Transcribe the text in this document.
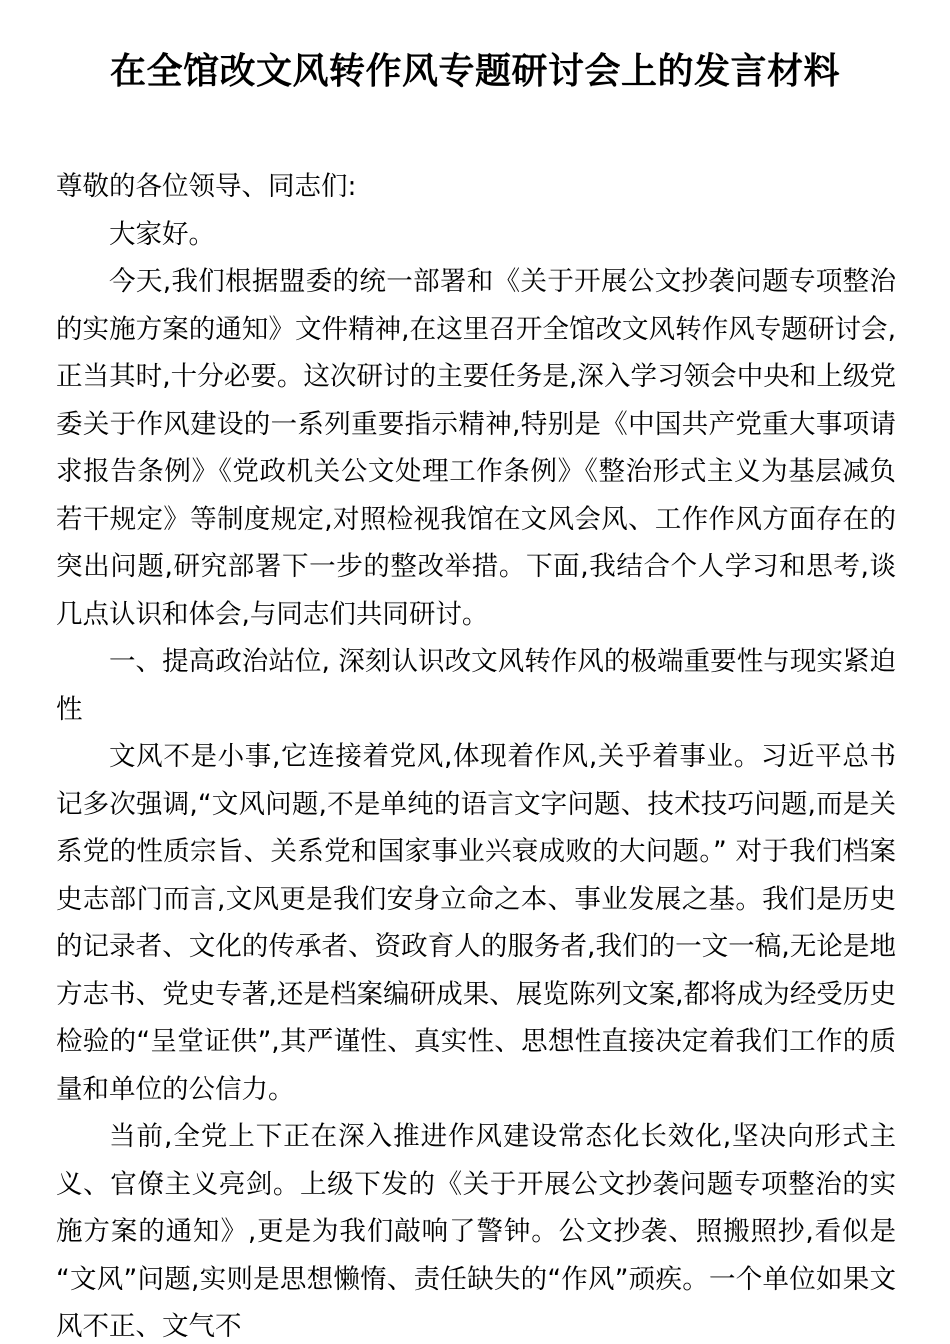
在全馆改文风转作风专题研讨会上的发言材料

尊敬的各位领导、同志们:

大家好。

今天,我们根据盟委的统一部署和《关于开展公文抄袭问题专项整治的实施方案的通知》文件精神,在这里召开全馆改文风转作风专题研讨会,正当其时,十分必要。这次研讨的主要任务是,深入学习领会中央和上级党委关于作风建设的一系列重要指示精神,特别是《中国共产党重大事项请求报告条例》《党政机关公文处理工作条例》《整治形式主义为基层减负若干规定》等制度规定,对照检视我馆在文风会风、工作作风方面存在的突出问题,研究部署下一步的整改举措。下面,我结合个人学习和思考,谈几点认识和体会,与同志们共同研讨。

一、提高政治站位, 深刻认识改文风转作风的极端重要性与现实紧迫性

文风不是小事,它连接着党风,体现着作风,关乎着事业。习近平总书记多次强调,“文风问题,不是单纯的语言文字问题、技术技巧问题,而是关系党的性质宗旨、关系党和国家事业兴衰成败的大问题。” 对于我们档案史志部门而言,文风更是我们安身立命之本、事业发展之基。我们是历史的记录者、文化的传承者、资政育人的服务者,我们的一文一稿,无论是地方志书、党史专著,还是档案编研成果、展览陈列文案,都将成为经受历史检验的“呈堂证供”,其严谨性、真实性、思想性直接决定着我们工作的质量和单位的公信力。

当前,全党上下正在深入推进作风建设常态化长效化,坚决向形式主义、官僚主义亮剑。上级下发的《关于开展公文抄袭问题专项整治的实施方案的通知》,更是为我们敲响了警钟。公文抄袭、照搬照抄,看似是“文风”问题,实则是思想懒惰、责任缺失的“作风”顽疾。一个单位如果文风不正、文气不
